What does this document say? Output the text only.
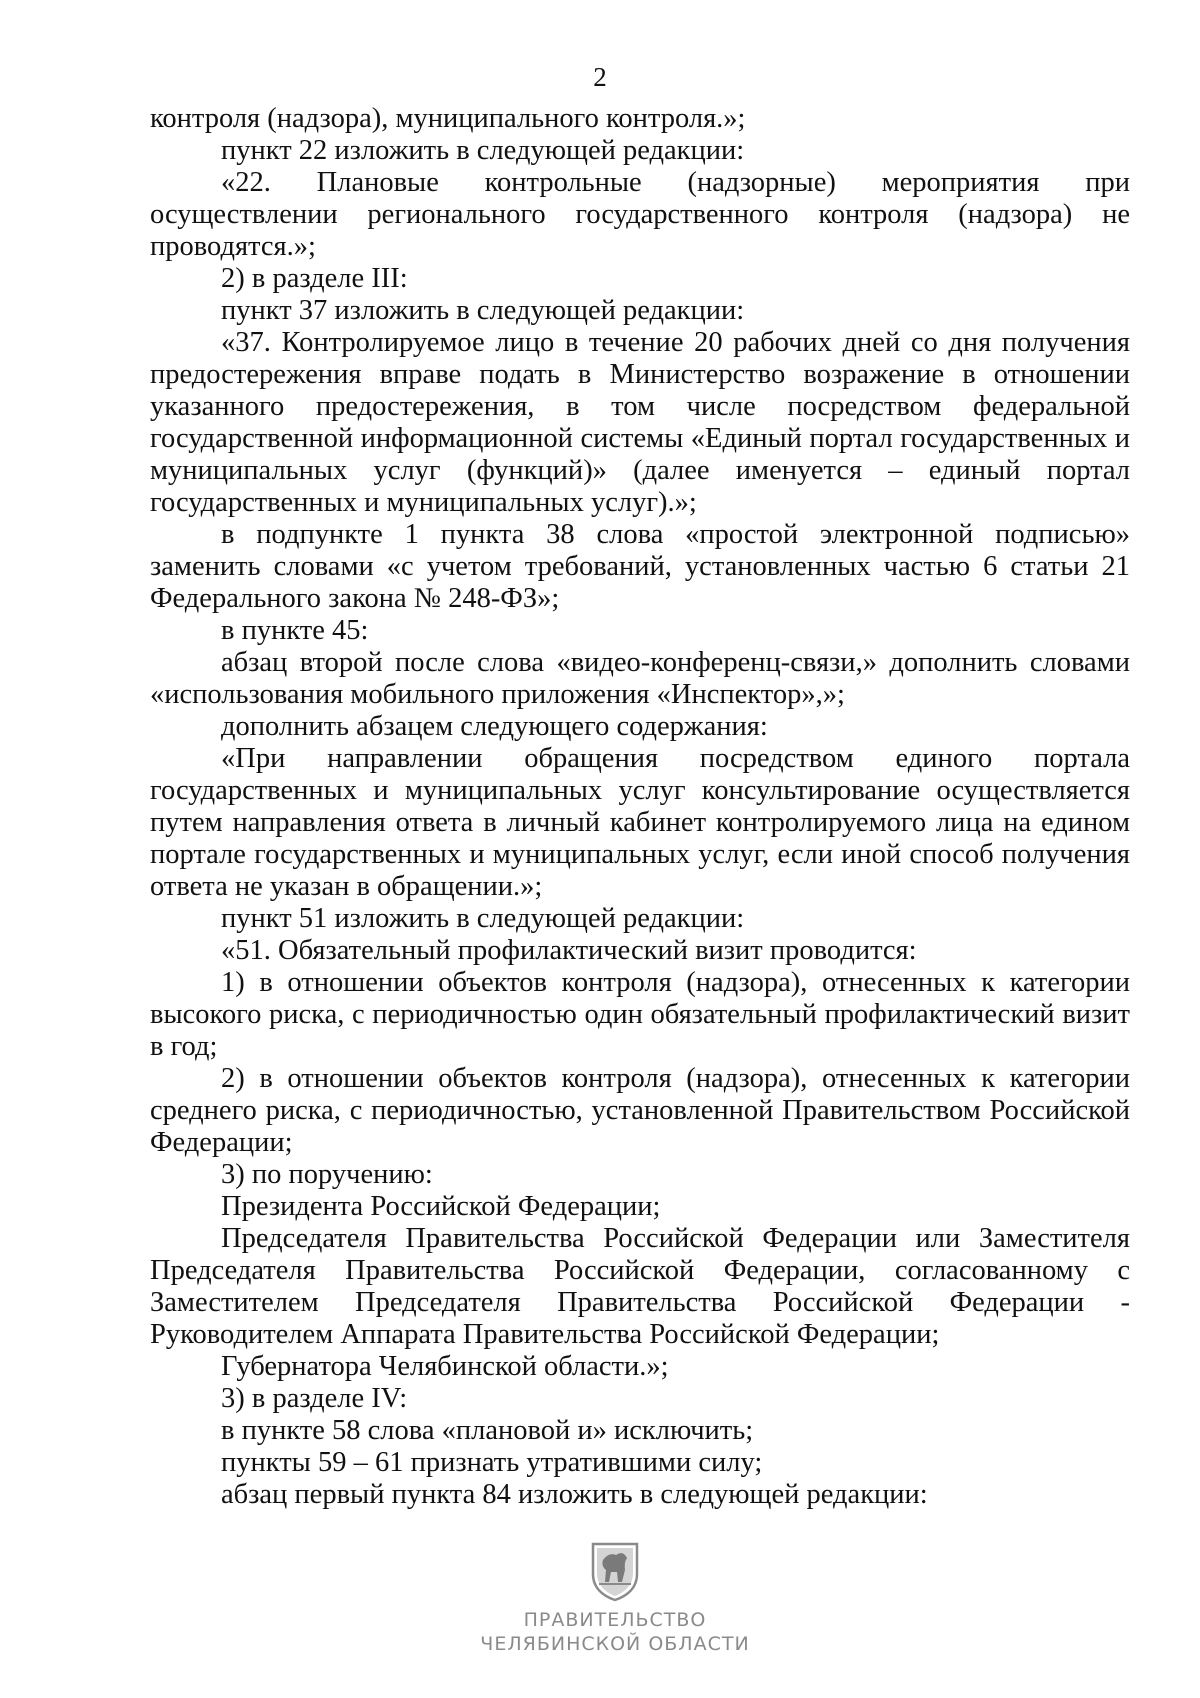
2

контроля (надзора), муниципального контроля.»;

пункт 22 изложить в следующей редакции:

«22. Плановые контрольные (надзорные) мероприятия при осуществлении регионального государственного контроля (надзора) не проводятся.»;

2) в разделе III:

пункт 37 изложить в следующей редакции:

«37. Контролируемое лицо в течение 20 рабочих дней со дня получения предостережения вправе подать в Министерство возражение в отношении указанного предостережения, в том числе посредством федеральной государственной информационной системы «Единый портал государственных и муниципальных услуг (функций)» (далее именуется – единый портал государственных и муниципальных услуг).»;

в подпункте 1 пункта 38 слова «простой электронной подписью» заменить словами «с учетом требований, установленных частью 6 статьи 21 Федерального закона № 248-ФЗ»;

в пункте 45:

абзац второй после слова «видео-конференц-связи,» дополнить словами «использования мобильного приложения «Инспектор»,»;

дополнить абзацем следующего содержания:

«При направлении обращения посредством единого портала государственных и муниципальных услуг консультирование осуществляется путем направления ответа в личный кабинет контролируемого лица на едином портале государственных и муниципальных услуг, если иной способ получения ответа не указан в обращении.»;

пункт 51 изложить в следующей редакции:

«51. Обязательный профилактический визит проводится:

1) в отношении объектов контроля (надзора), отнесенных к категории высокого риска, с периодичностью один обязательный профилактический визит в год;

2) в отношении объектов контроля (надзора), отнесенных к категории среднего риска, с периодичностью, установленной Правительством Российской Федерации;

3) по поручению:

Президента Российской Федерации;

Председателя Правительства Российской Федерации или Заместителя Председателя Правительства Российской Федерации, согласованному с Заместителем Председателя Правительства Российской Федерации - Руководителем Аппарата Правительства Российской Федерации;

Губернатора Челябинской области.»;

3) в разделе IV:

в пункте 58 слова «плановой и» исключить;

пункты 59 – 61 признать утратившими силу;

абзац первый пункта 84 изложить в следующей редакции:

ПРАВИТЕЛЬСТВО
ЧЕЛЯБИНСКОЙ ОБЛАСТИ
